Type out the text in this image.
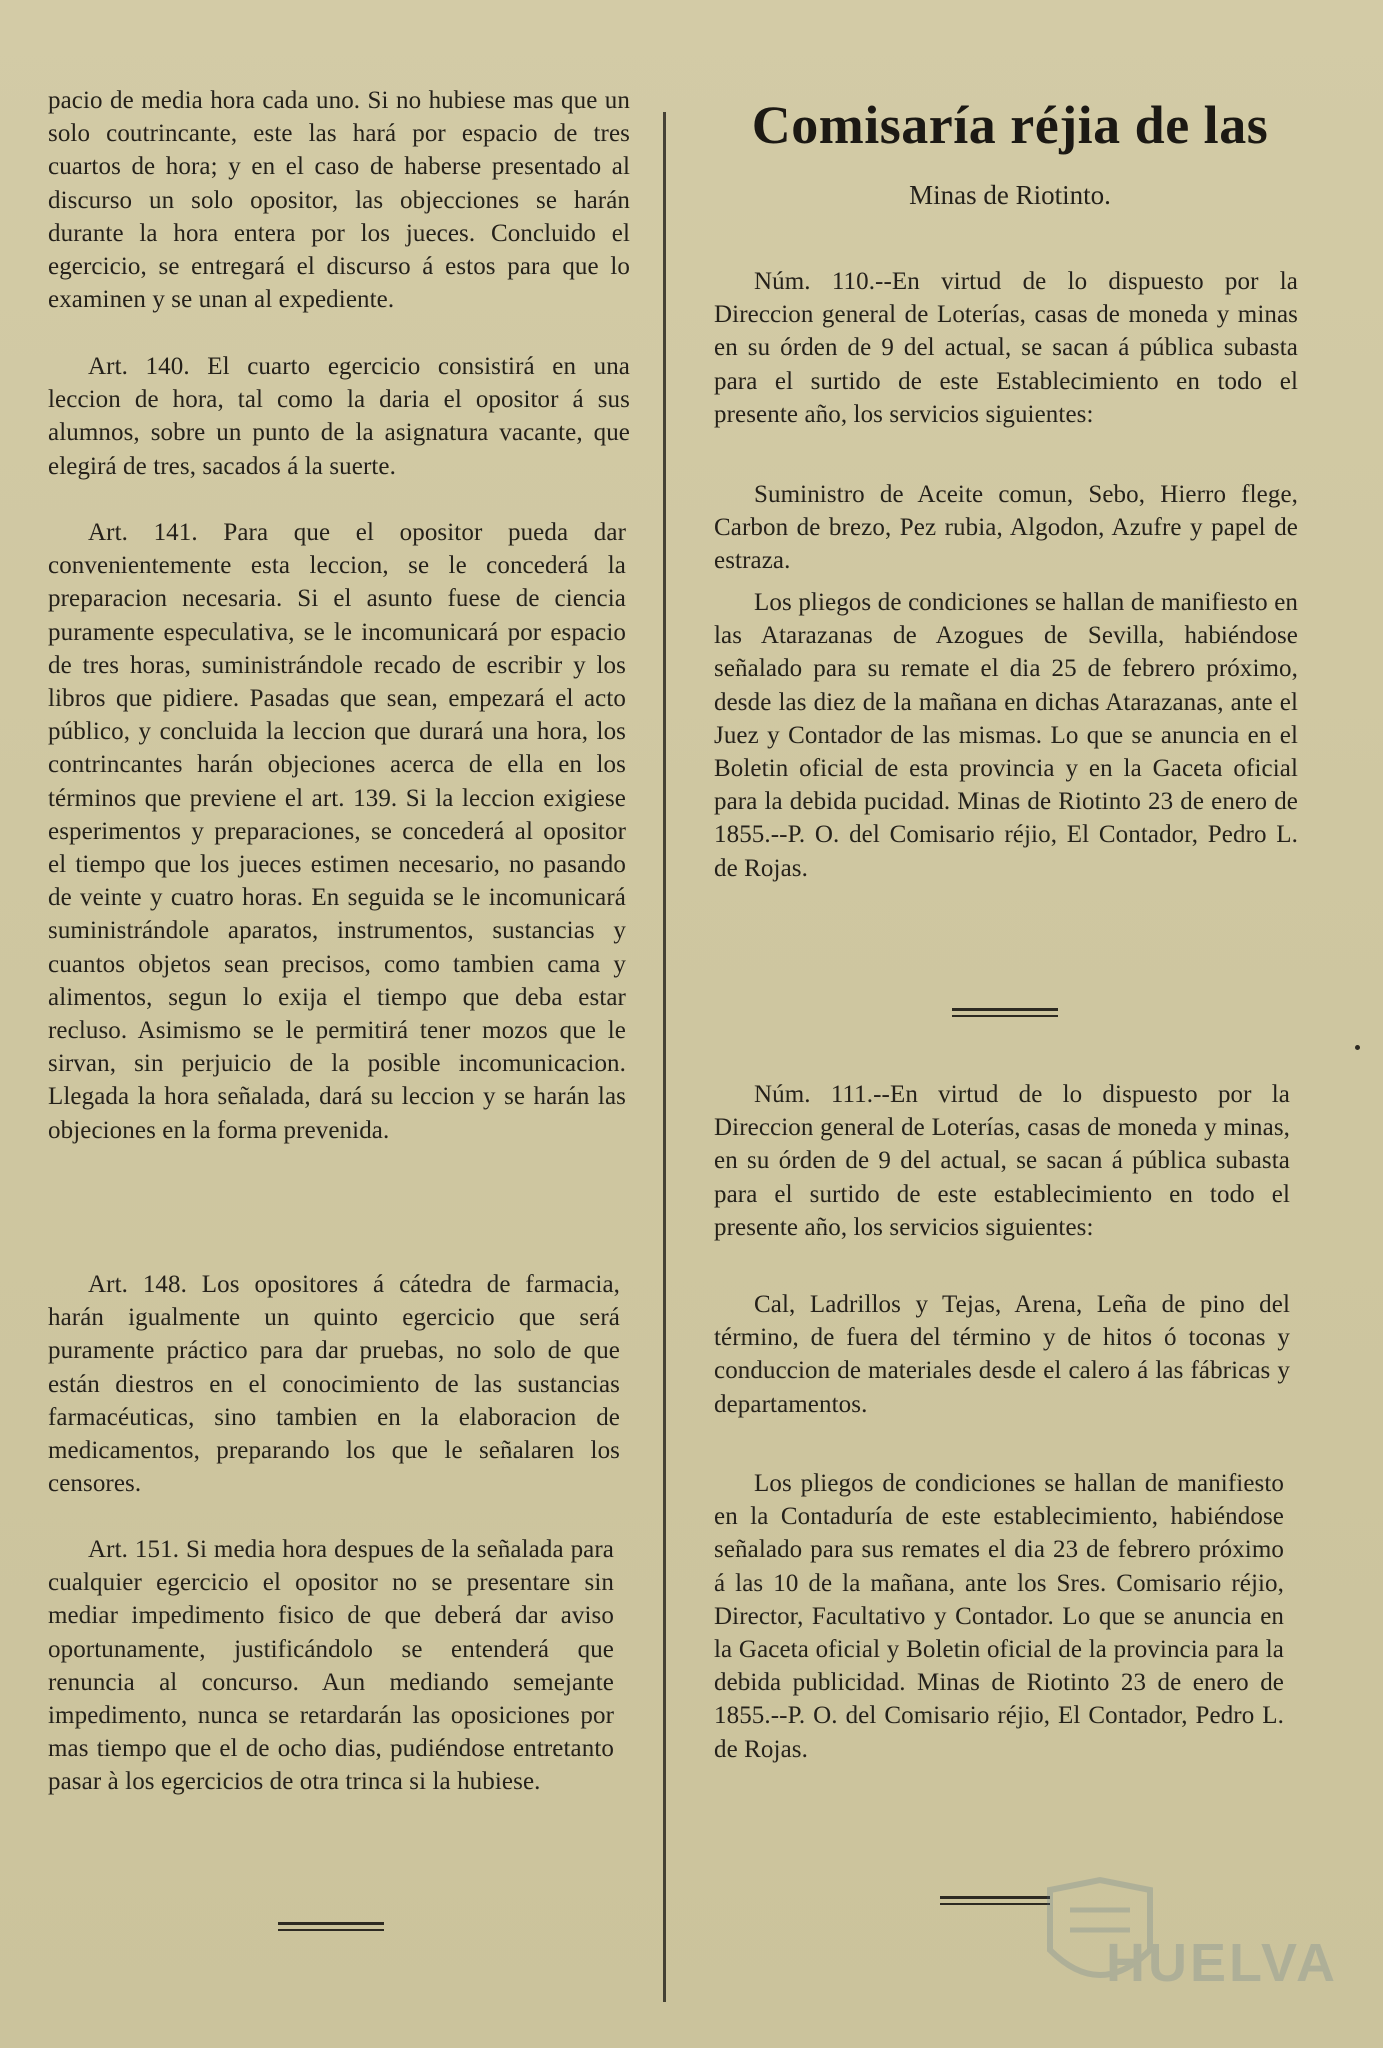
pacio de media hora cada uno. Si no hubiese mas que un solo coutrincante, este las hará por espacio de tres cuartos de hora; y en el caso de haberse presentado al discurso un solo opositor, las objecciones se harán durante la hora entera por los jueces. Concluido el egercicio, se entregará el discurso á estos para que lo examinen y se unan al expediente.

Art. 140. El cuarto egercicio consistirá en una leccion de hora, tal como la daria el opositor á sus alumnos, sobre un punto de la asignatura vacante, que elegirá de tres, sacados á la suerte.

Art. 141. Para que el opositor pueda dar convenientemente esta leccion, se le concederá la preparacion necesaria. Si el asunto fuese de ciencia puramente especulativa, se le incomunicará por espacio de tres horas, suministrándole recado de escribir y los libros que pidiere. Pasadas que sean, empezará el acto público, y concluida la leccion que durará una hora, los contrincantes harán objeciones acerca de ella en los términos que previene el art. 139. Si la leccion exigiese esperimentos y preparaciones, se concederá al opositor el tiempo que los jueces estimen necesario, no pasando de veinte y cuatro horas. En seguida se le incomunicará suministrándole aparatos, instrumentos, sustancias y cuantos objetos sean precisos, como tambien cama y alimentos, segun lo exija el tiempo que deba estar recluso. Asimismo se le permitirá tener mozos que le sirvan, sin perjuicio de la posible incomunicacion. Llegada la hora señalada, dará su leccion y se harán las objeciones en la forma prevenida.

Art. 148. Los opositores á cátedra de farmacia, harán igualmente un quinto egercicio que será puramente práctico para dar pruebas, no solo de que están diestros en el conocimiento de las sustancias farmacéuticas, sino tambien en la elaboracion de medicamentos, preparando los que le señalaren los censores.

Art. 151. Si media hora despues de la señalada para cualquier egercicio el opositor no se presentare sin mediar impedimento fisico de que deberá dar aviso oportunamente, justificándolo se entenderá que renuncia al concurso. Aun mediando semejante impedimento, nunca se retardarán las oposiciones por mas tiempo que el de ocho dias, pudiéndose entretanto pasar à los egercicios de otra trinca si la hubiese.

Comisaría réjia de las

Minas de Riotinto.

Núm. 110.--En virtud de lo dispuesto por la Direccion general de Loterías, casas de moneda y minas en su órden de 9 del actual, se sacan á pública subasta para el surtido de este Establecimiento en todo el presente año, los servicios siguientes:

Suministro de Aceite comun, Sebo, Hierro flege, Carbon de brezo, Pez rubia, Algodon, Azufre y papel de estraza.

Los pliegos de condiciones se hallan de manifiesto en las Atarazanas de Azogues de Sevilla, habiéndose señalado para su remate el dia 25 de febrero próximo, desde las diez de la mañana en dichas Atarazanas, ante el Juez y Contador de las mismas. Lo que se anuncia en el Boletin oficial de esta provincia y en la Gaceta oficial para la debida pucidad. Minas de Riotinto 23 de enero de 1855.--P. O. del Comisario réjio, El Contador, Pedro L. de Rojas.

Núm. 111.--En virtud de lo dispuesto por la Direccion general de Loterías, casas de moneda y minas, en su órden de 9 del actual, se sacan á pública subasta para el surtido de este establecimiento en todo el presente año, los servicios siguientes:

Cal, Ladrillos y Tejas, Arena, Leña de pino del término, de fuera del término y de hitos ó toconas y conduccion de materiales desde el calero á las fábricas y departamentos.

Los pliegos de condiciones se hallan de manifiesto en la Contaduría de este establecimiento, habiéndose señalado para sus remates el dia 23 de febrero próximo á las 10 de la mañana, ante los Sres. Comisario réjio, Director, Facultativo y Contador. Lo que se anuncia en la Gaceta oficial y Boletin oficial de la provincia para la debida publicidad. Minas de Riotinto 23 de enero de 1855.--P. O. del Comisario réjio, El Contador, Pedro L. de Rojas.

HUELVA
